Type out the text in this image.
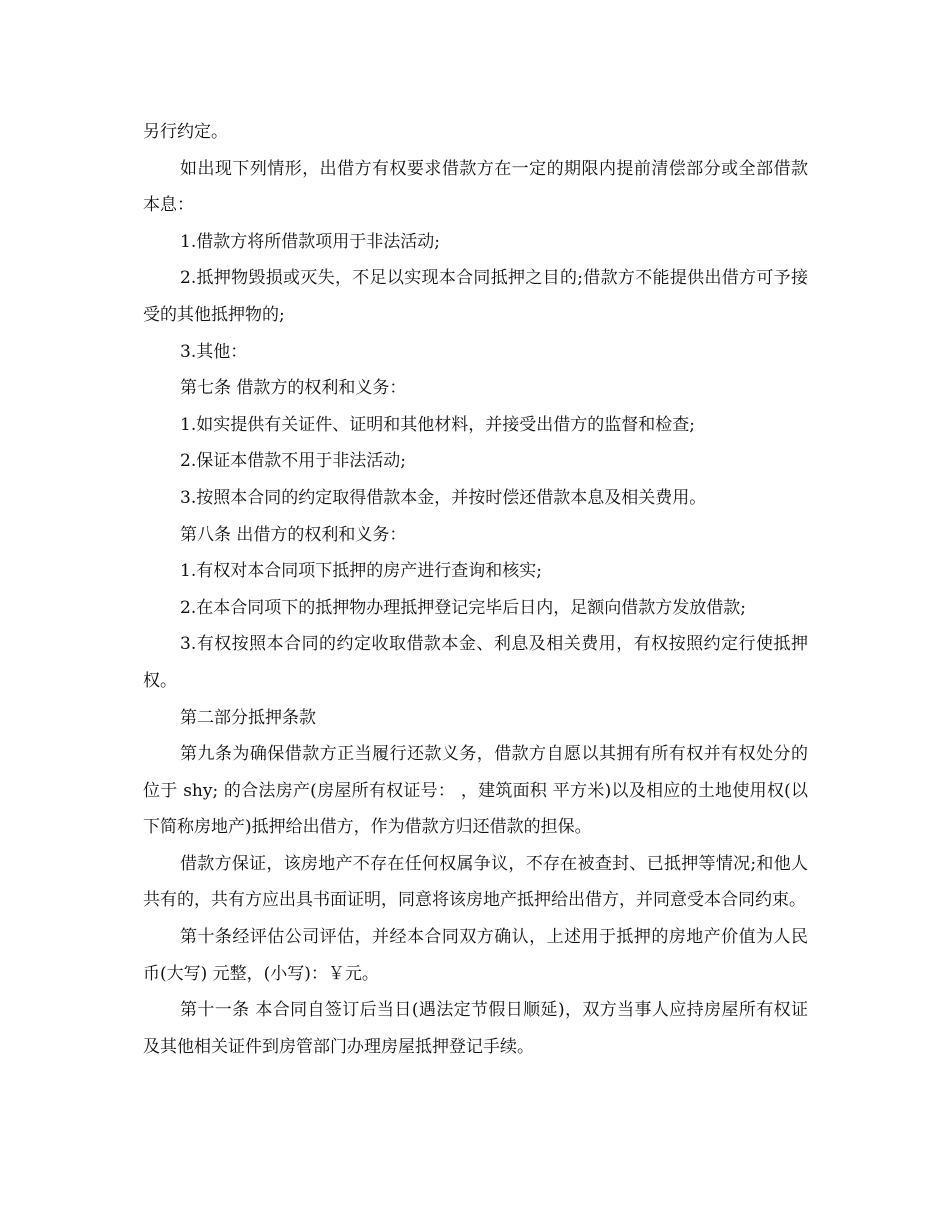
另行约定。

如出现下列情形，出借方有权要求借款方在一定的期限内提前清偿部分或全部借款本息：

1.借款方将所借款项用于非法活动;

2.抵押物毁损或灭失，不足以实现本合同抵押之目的;借款方不能提供出借方可予接受的其他抵押物的;

3.其他：

第七条 借款方的权利和义务：

1.如实提供有关证件、证明和其他材料，并接受出借方的监督和检查;

2.保证本借款不用于非法活动;

3.按照本合同的约定取得借款本金，并按时偿还借款本息及相关费用。

第八条 出借方的权利和义务：

1.有权对本合同项下抵押的房产进行查询和核实;

2.在本合同项下的抵押物办理抵押登记完毕后日内，足额向借款方发放借款;

3.有权按照本合同的约定收取借款本金、利息及相关费用，有权按照约定行使抵押权。

第二部分抵押条款

第九条为确保借款方正当履行还款义务，借款方自愿以其拥有所有权并有权处分的位于 shy; 的合法房产(房屋所有权证号： ，建筑面积 平方米)以及相应的土地使用权(以下简称房地产)抵押给出借方，作为借款方归还借款的担保。

借款方保证，该房地产不存在任何权属争议，不存在被查封、已抵押等情况;和他人共有的，共有方应出具书面证明，同意将该房地产抵押给出借方，并同意受本合同约束。

第十条经评估公司评估，并经本合同双方确认，上述用于抵押的房地产价值为人民币(大写) 元整，(小写)：￥元。

第十一条 本合同自签订后当日(遇法定节假日顺延)，双方当事人应持房屋所有权证及其他相关证件到房管部门办理房屋抵押登记手续。
